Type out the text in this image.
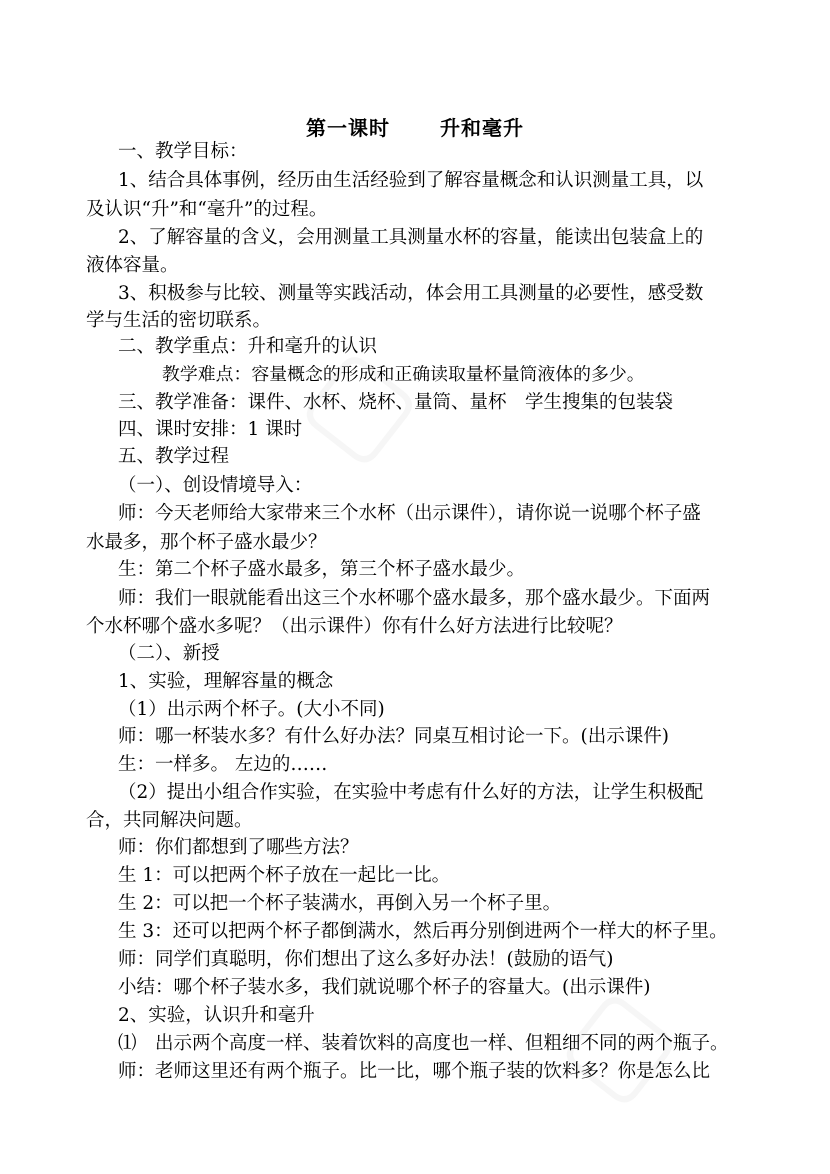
第一课时	升和毫升
一、教学目标：
1、结合具体事例，经历由生活经验到了解容量概念和认识测量工具，以
及认识“升”和“毫升”的过程。
2、了解容量的含义，会用测量工具测量水杯的容量，能读出包装盒上的
液体容量。
3、积极参与比较、测量等实践活动，体会用工具测量的必要性，感受数
学与生活的密切联系。
二、教学重点：升和毫升的认识
教学难点：容量概念的形成和正确读取量杯量筒液体的多少。
三、教学准备：课件、水杯、烧杯、量筒、量杯　学生搜集的包装袋
四、课时安排：1 课时
五、教学过程
（一）、创设情境导入：
师：今天老师给大家带来三个水杯（出示课件），请你说一说哪个杯子盛
水最多，那个杯子盛水最少？
生：第二个杯子盛水最多，第三个杯子盛水最少。
师：我们一眼就能看出这三个水杯哪个盛水最多，那个盛水最少。下面两
个水杯哪个盛水多呢？（出示课件）你有什么好方法进行比较呢？
（二）、新授
1、实验，理解容量的概念
（1）出示两个杯子。(大小不同)
师：哪一杯装水多？有什么好办法？同桌互相讨论一下。(出示课件)
生：一样多。 左边的……
（2）提出小组合作实验，在实验中考虑有什么好的方法，让学生积极配
合，共同解决问题。
师：你们都想到了哪些方法？
生 1：可以把两个杯子放在一起比一比。
生 2：可以把一个杯子装满水，再倒入另一个杯子里。
生 3：还可以把两个杯子都倒满水，然后再分别倒进两个一样大的杯子里。
师：同学们真聪明，你们想出了这么多好办法！(鼓励的语气)
小结：哪个杯子装水多，我们就说哪个杯子的容量大。(出示课件)
2、实验，认识升和毫升
⑴　出示两个高度一样、装着饮料的高度也一样、但粗细不同的两个瓶子。
师：老师这里还有两个瓶子。比一比，哪个瓶子装的饮料多？你是怎么比
